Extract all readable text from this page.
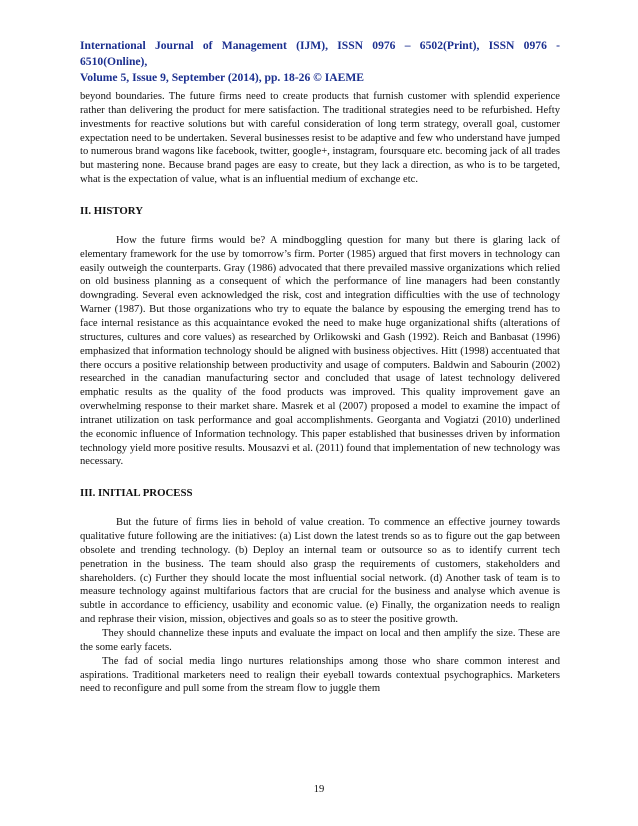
International Journal of Management (IJM), ISSN 0976 – 6502(Print), ISSN 0976 - 6510(Online),
Volume 5, Issue 9, September (2014), pp. 18-26 © IAEME

beyond boundaries. The future firms need to create products that furnish customer with splendid experience rather than delivering the product for mere satisfaction. The traditional strategies need to be refurbished. Hefty investments for reactive solutions but with careful consideration of long term strategy, overall goal, customer expectation need to be undertaken. Several businesses resist to be adaptive and few who understand have jumped to numerous brand wagons like facebook, twitter, google+, instagram, foursquare etc. becoming jack of all trades but mastering none. Because brand pages are easy to create, but they lack a direction, as who is to be targeted, what is the expectation of value, what is an influential medium of exchange etc.

II. HISTORY

How the future firms would be? A mindboggling question for many but there is glaring lack of elementary framework for the use by tomorrow’s firm. Porter (1985) argued that first movers in technology can easily outweigh the counterparts. Gray (1986) advocated that there prevailed massive organizations which relied on old business planning as a consequent of which the performance of line managers had been constantly downgrading. Several even acknowledged the risk, cost and integration difficulties with the use of technology Warner (1987). But those organizations who try to equate the balance by espousing the emerging trend has to face internal resistance as this acquaintance evoked the need to make huge organizational shifts (alterations of structures, cultures and core values) as researched by Orlikowski and Gash (1992). Reich and Banbasat (1996) emphasized that information technology should be aligned with business objectives. Hitt (1998) accentuated that there occurs a positive relationship between productivity and usage of computers. Baldwin and Sabourin (2002) researched in the canadian manufacturing sector and concluded that usage of latest technology delivered emphatic results as the quality of the food products was improved. This quality improvement gave an overwhelming response to their market share. Masrek et al (2007) proposed a model to examine the impact of intranet utilization on task performance and goal accomplishments. Georganta and Vogiatzi (2010) underlined the economic influence of Information technology. This paper established that businesses driven by information technology yield more positive results. Mousazvi et al. (2011) found that implementation of new technology was necessary.

III. INITIAL PROCESS

But the future of firms lies in behold of value creation. To commence an effective journey towards qualitative future following are the initiatives: (a) List down the latest trends so as to figure out the gap between obsolete and trending technology. (b) Deploy an internal team or outsource so as to identify current tech penetration in the business. The team should also grasp the requirements of customers, stakeholders and shareholders. (c) Further they should locate the most influential social network. (d) Another task of team is to measure technology against multifarious factors that are crucial for the business and analyse which avenue is subtle in accordance to efficiency, usability and economic value. (e) Finally, the organization needs to realign and rephrase their vision, mission, objectives and goals so as to steer the positive growth.

They should channelize these inputs and evaluate the impact on local and then amplify the size. These are the some early facets.

The fad of social media lingo nurtures relationships among those who share common interest and aspirations. Traditional marketers need to realign their eyeball towards contextual psychographics. Marketers need to reconfigure and pull some from the stream flow to juggle them

19
